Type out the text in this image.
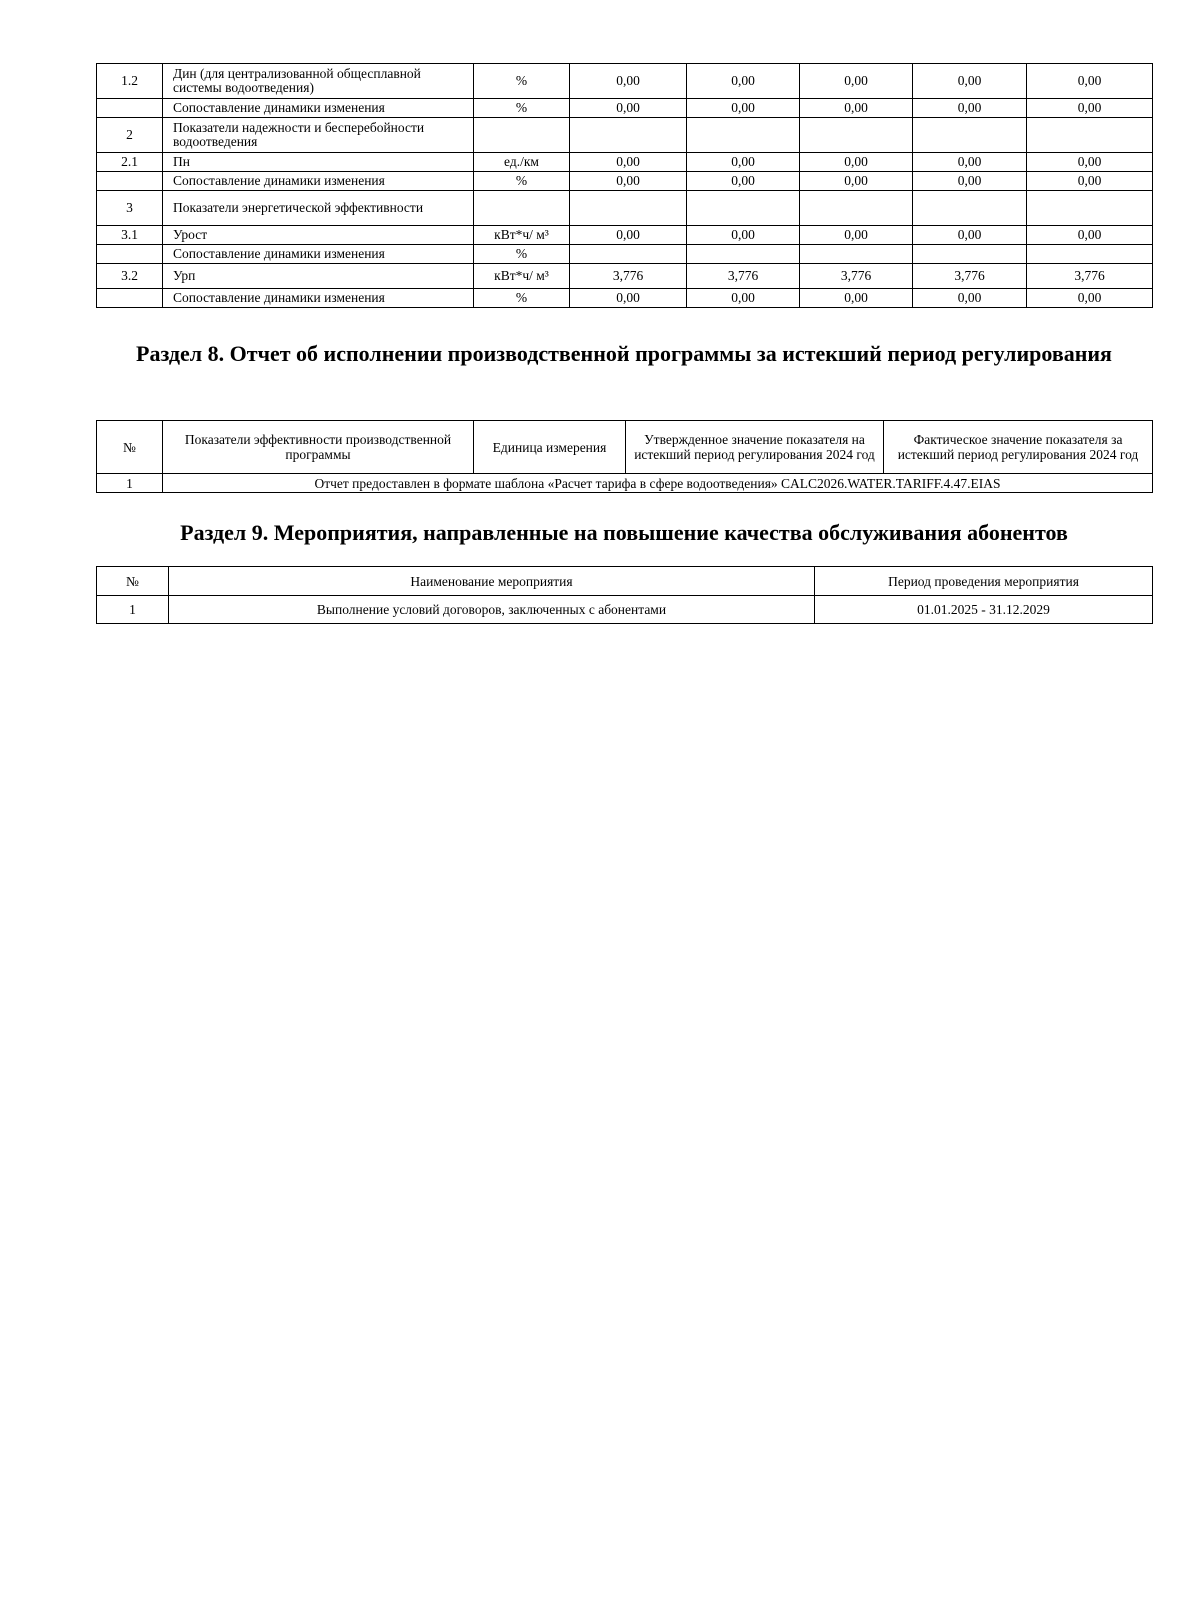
1.2	Дин (для централизованной общесплавной системы водоотведения)	%	0,00	0,00	0,00	0,00	0,00
	Сопоставление динамики изменения	%	0,00	0,00	0,00	0,00	0,00
2	Показатели надежности и бесперебойности водоотведения						
2.1	Пн	ед./км	0,00	0,00	0,00	0,00	0,00
	Сопоставление динамики изменения	%	0,00	0,00	0,00	0,00	0,00
3	Показатели энергетической эффективности						
3.1	Урост	кВт*ч/ м³	0,00	0,00	0,00	0,00	0,00
	Сопоставление динамики изменения	%					
3.2	Урп	кВт*ч/ м³	3,776	3,776	3,776	3,776	3,776
	Сопоставление динамики изменения	%	0,00	0,00	0,00	0,00	0,00
Раздел 8. Отчет об исполнении производственной программы за истекший период регулирования
№	Показатели эффективности производственной программы	Единица измерения	Утвержденное значение показателя на истекший период регулирования 2024 год	Фактическое значение показателя за истекший период регулирования 2024 год
1	Отчет предоставлен в формате шаблона «Расчет тарифа в сфере водоотведения» CALC2026.WATER.TARIFF.4.47.EIAS			
Раздел 9. Мероприятия, направленные на повышение качества обслуживания абонентов
№	Наименование мероприятия	Период проведения мероприятия
1	Выполнение условий договоров, заключенных с абонентами	01.01.2025 - 31.12.2029
